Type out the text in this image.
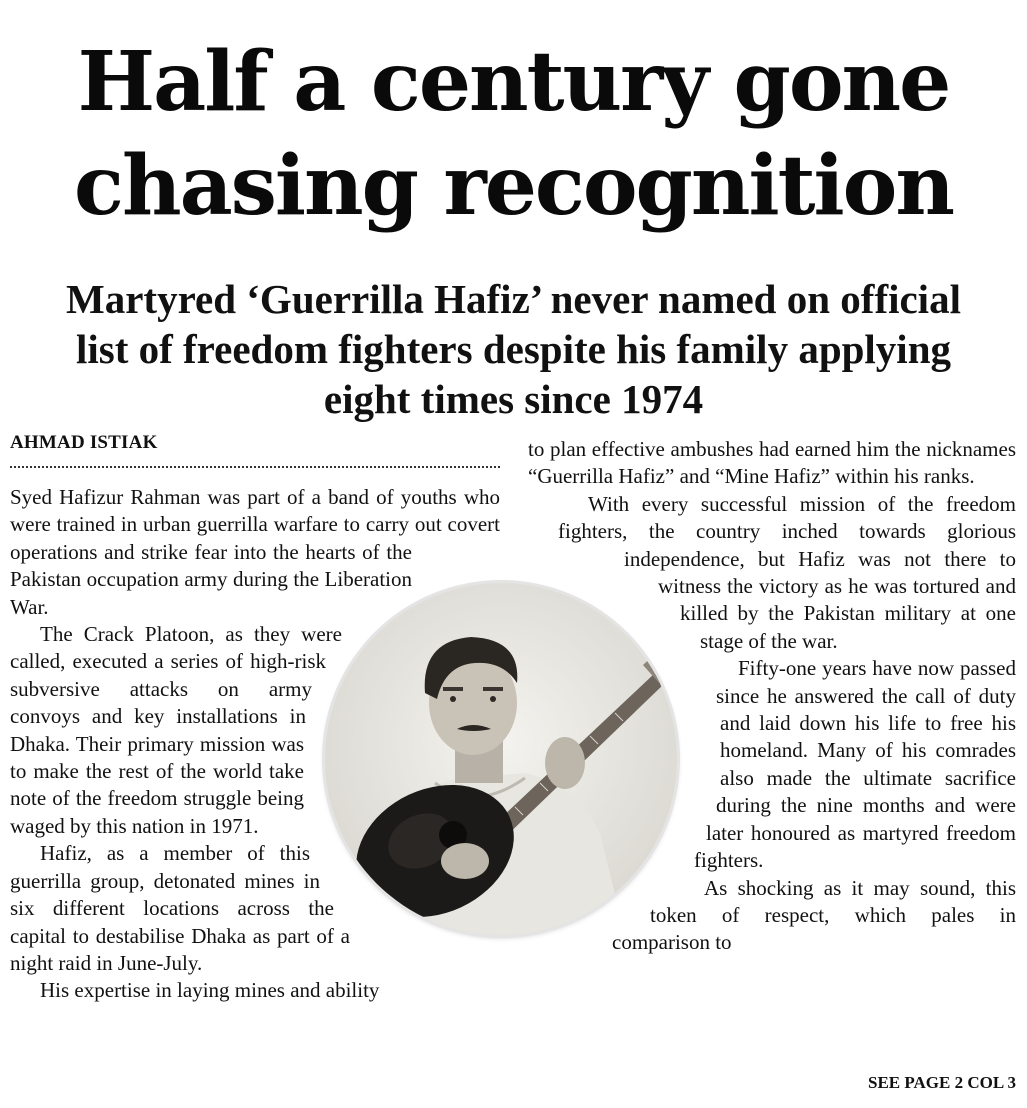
Half a century gone
chasing recognition
Martyred ‘Guerrilla Hafiz’ never named on official
list of freedom fighters despite his family applying
eight times since 1974
AHMAD ISTIAK

Syed Hafizur Rahman was part of a band of youths who were trained in urban guerrilla warfare to carry out covert operations and strike fear into the hearts of the Pakistan occupation army during the Liberation War.

The Crack Platoon, as they were called, executed a series of high-risk subversive attacks on army convoys and key installations in Dhaka. Their primary mission was to make the rest of the world take note of the freedom struggle being waged by this nation in 1971.

Hafiz, as a member of this guerrilla group, detonated mines in six different locations across the capital to destabilise Dhaka as part of a night raid in June-July.

His expertise in laying mines and ability

to plan effective ambushes had earned him the nicknames “Guerrilla Hafiz” and “Mine Hafiz” within his ranks.

With every successful mission of the freedom fighters, the country inched towards glorious independence, but Hafiz was not there to witness the victory as he was tortured and killed by the Pakistan military at one stage of the war.

Fifty-one years have now passed since he answered the call of duty and laid down his life to free his homeland. Many of his comrades also made the ultimate sacrifice during the nine months and were later honoured as martyred freedom fighters.

As shocking as it may sound, this token of respect, which pales in comparison to

SEE PAGE 2 COL 3
